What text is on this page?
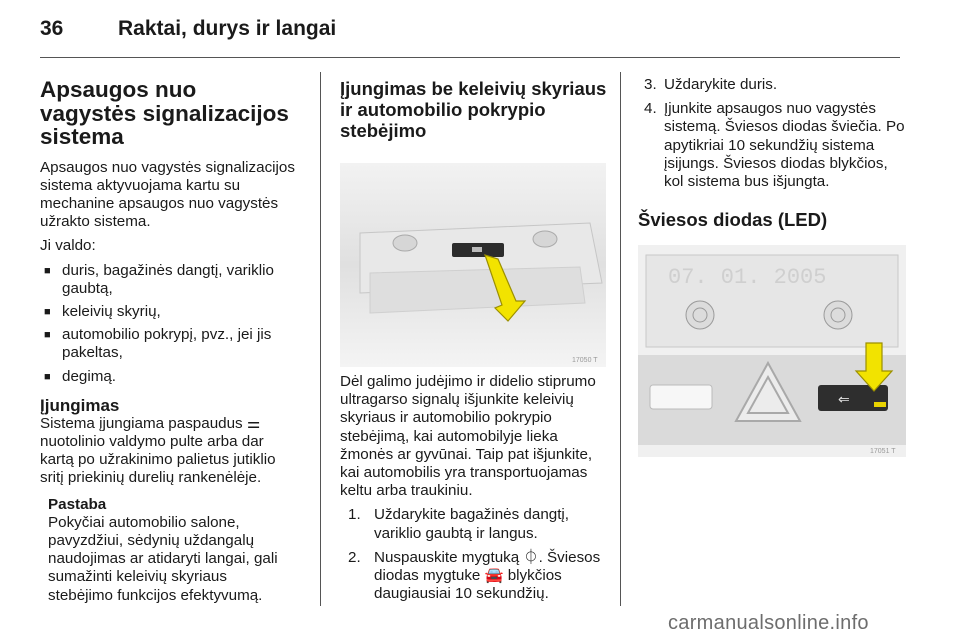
36	Raktai, durys ir langai
Apsaugos nuo vagystės signalizacijos sistema

Apsaugos nuo vagystės signalizacijos sistema aktyvuojama kartu su mechanine apsaugos nuo vagystės užrakto sistema.

Ji valdo:

■ duris, bagažinės dangtį, variklio gaubtą,
■ keleivių skyrių,
■ automobilio pokrypį, pvz., jei jis pakeltas,
■ degimą.
Įjungimas

Sistema įjungiama paspaudus ⚌ nuotolinio valdymo pulte arba dar kartą po užrakinimo palietus jutiklio sritį priekinių durelių rankenėlėje.

Pastaba
Pokyčiai automobilio salone, pavyzdžiui, sėdynių uždangalų naudojimas ar atidaryti langai, gali sumažinti keleivių skyriaus stebėjimo funkcijos efektyvumą.
Įjungimas be keleivių skyriaus ir automobilio pokrypio stebėjimo
17050 T

Dėl galimo judėjimo ir didelio stiprumo ultragarso signalų išjunkite keleivių skyriaus ir automobilio pokrypio stebėjimą, kai automobilyje lieka žmonės ar gyvūnai. Taip pat išjunkite, kai automobilis yra transportuojamas keltu arba traukiniu.

1. Uždarykite bagažinės dangtį, variklio gaubtą ir langus.
2. Nuspauskite mygtuką ⏀. Šviesos diodas mygtuke 🚘 blykčios daugiausiai 10 sekundžių.
3. Uždarykite duris.
4. Įjunkite apsaugos nuo vagystės sistemą. Šviesos diodas šviečia. Po apytikriai 10 sekundžių sistema įsijungs. Šviesos diodas blykčios, kol sistema bus išjungta.
Šviesos diodas (LED)
07. 01. 2005
⇐
17051 T
carmanualsonline.info
